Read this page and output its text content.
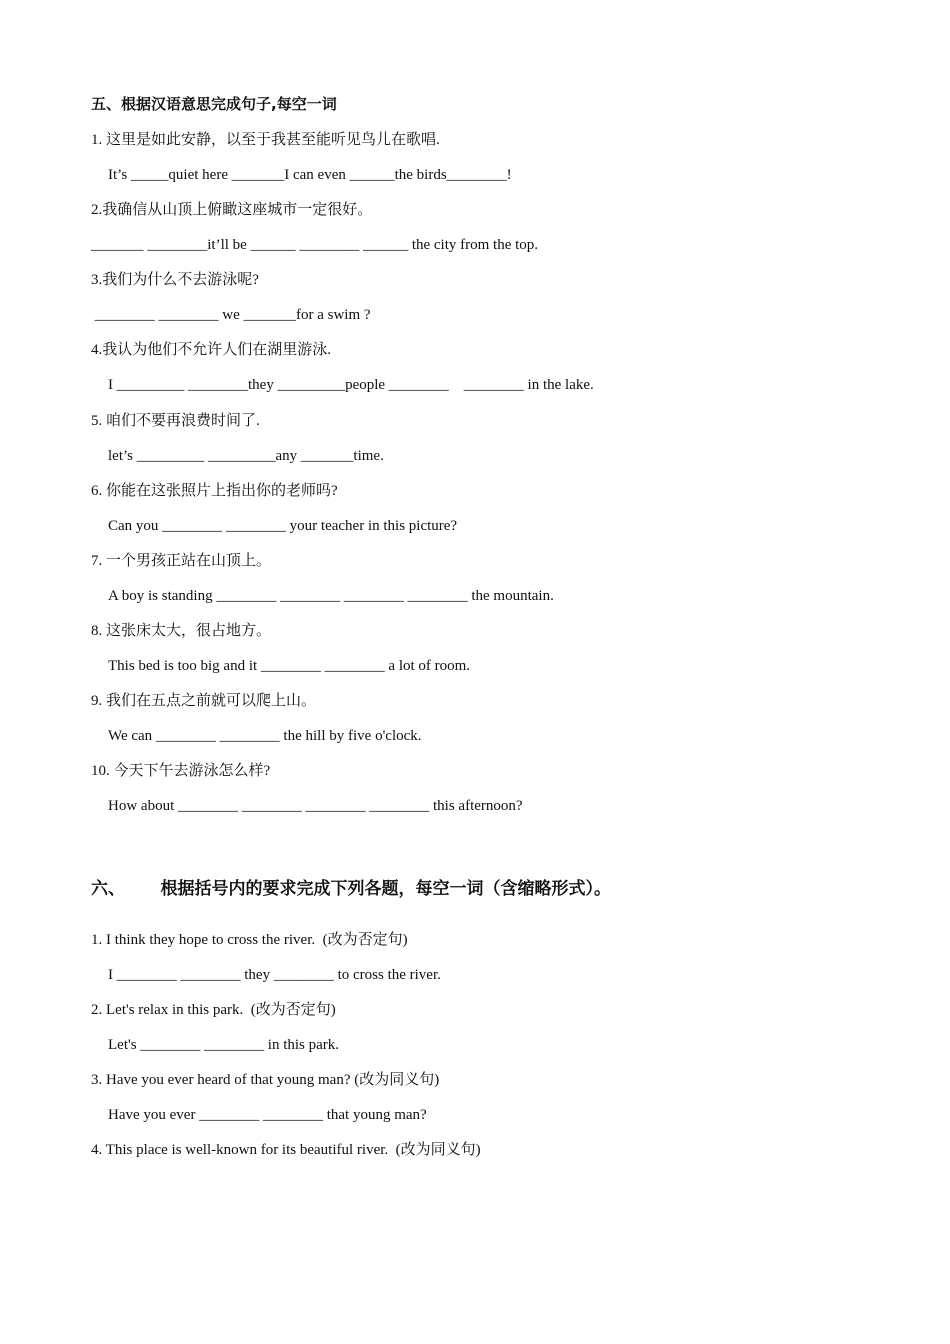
五、根据汉语意思完成句子,每空一词
1. 这里是如此安静，以至于我甚至能听见鸟儿在歌唱.
It’s _____quiet here _______I can even ______the birds________!
2.我确信从山顶上俯瞰这座城市一定很好。
_______ ________it’ll be ______ ________ ______ the city from the top.
3.我们为什么不去游泳呢?
________ ________ we _______for a swim ?
4.我认为他们不允许人们在湖里游泳.
I _________ ________they _________people ________    ________ in the lake.
5. 咱们不要再浪费时间了.
let’s _________ _________any _______time.
6. 你能在这张照片上指出你的老师吗?
Can you ________ ________ your teacher in this picture?
7. 一个男孩正站在山顶上。
A boy is standing ________ ________ ________ ________ the mountain.
8. 这张床太大，很占地方。
This bed is too big and it ________ ________ a lot of room.
9. 我们在五点之前就可以爬上山。
We can ________ ________ the hill by five o'clock.
10. 今天下午去游泳怎么样?
How about ________ ________ ________ ________ this afternoon?
六、      根据括号内的要求完成下列各题，每空一词（含缩略形式）。
1. I think they hope to cross the river.  (改为否定句)
I ________ ________ they ________ to cross the river.
2. Let's relax in this park.  (改为否定句)
Let's ________ ________ in this park.
3. Have you ever heard of that young man? (改为同义句)
Have you ever ________ ________ that young man?
4. This place is well-known for its beautiful river.  (改为同义句)
